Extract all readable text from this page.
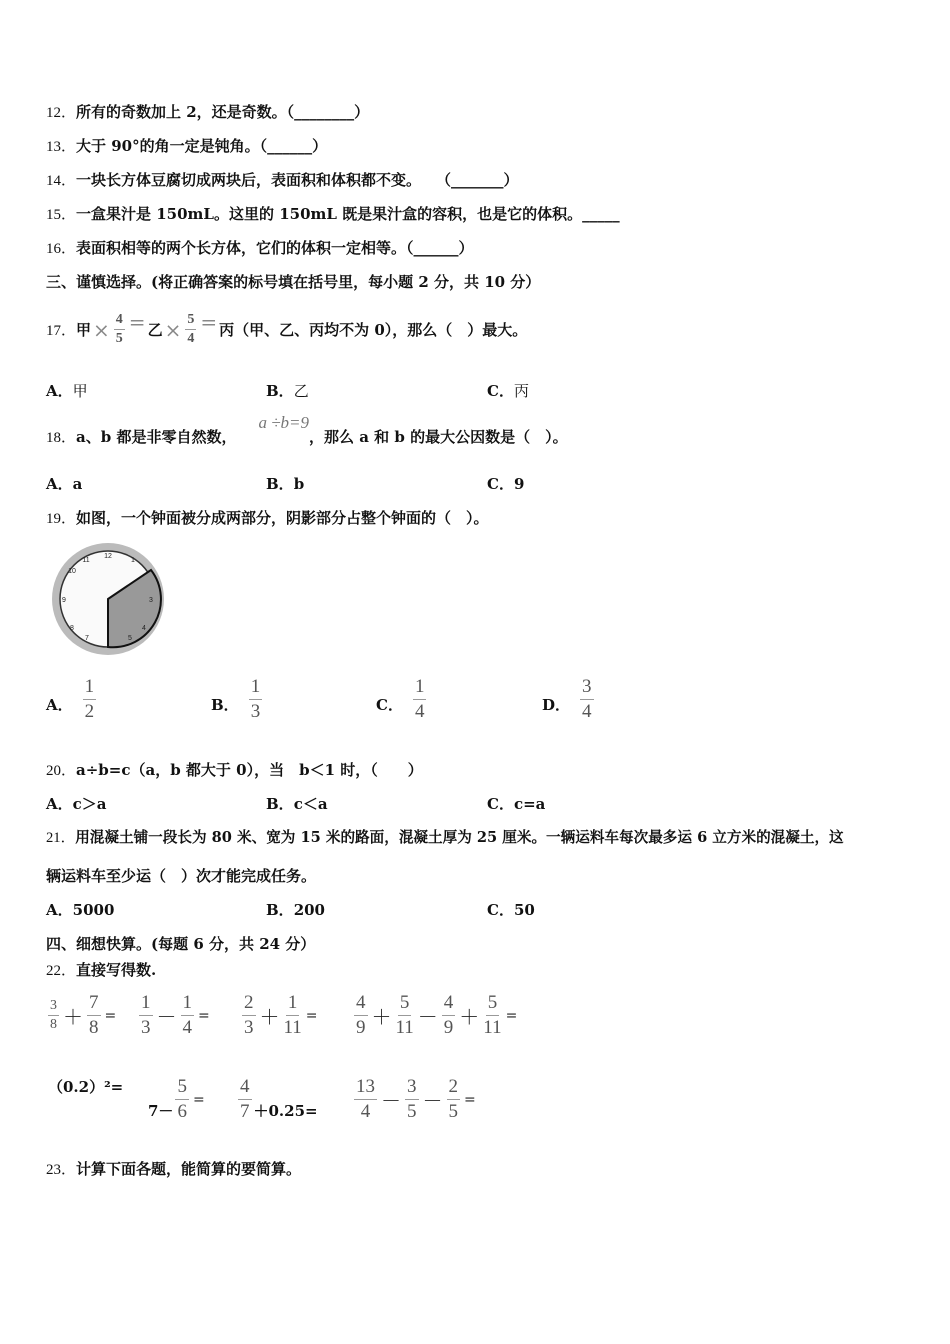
12．所有的奇数加上 2，还是奇数。（________）
13．大于 90°的角一定是钝角。（______）
14．一块长方体豆腐切成两块后，表面积和体积都不变。　　（_______）
15．一盒果汁是 150mL。这里的 150mL 既是果汁盒的容积，也是它的体积。_____
16．表面积相等的两个长方体，它们的体积一定相等。（______）
三、谨慎选择。(将正确答案的标号填在括号里，每小题 2 分，共 10 分）
17． 甲 × $\frac{4}{5}$ = 乙 × $\frac{5}{4}$ = 丙（甲、乙、丙均不为 0），那么（　）最大。
A．甲	B．乙	C．丙
18．a、b 都是非零自然数，a ÷b=9，那么 a 和 b 的最大公因数是（　）。
A．a	B．b	C．9
19．如图，一个钟面被分成两部分，阴影部分占整个钟面的（　）。
12
10
9
8
7
1
4
5
3
11
A． $\frac{1}{2}$	B． $\frac{1}{3}$	C． $\frac{1}{4}$	D． $\frac{3}{4}$
20．a÷b=c（a，b 都大于 0），当　b＜1 时，（　　）
A．c＞a	B．c＜a	C．c=a
21．用混凝土铺一段长为 80 米、宽为 15 米的路面，混凝土厚为 25 厘米。一辆运料车每次最多运 6 立方米的混凝土，这
辆运料车至少运（　）次才能完成任务。
A．5000	B．200	C．50
四、细想快算。(每题 6 分，共 24 分）
22．直接写得数.
$\frac{3}{8} + \frac{7}{8} = \frac{1}{3} - \frac{1}{4} = \frac{2}{3} + \frac{1}{11} = \frac{4}{9} + \frac{5}{11} - \frac{4}{9} + \frac{5}{11}$ =
（0.2）²=
$7- \frac{5}{6} = \frac{4}{7} +0.25= \frac{13}{4} - \frac{3}{5} - \frac{2}{5}$ =
23．计算下面各题，能简算的要简算。
